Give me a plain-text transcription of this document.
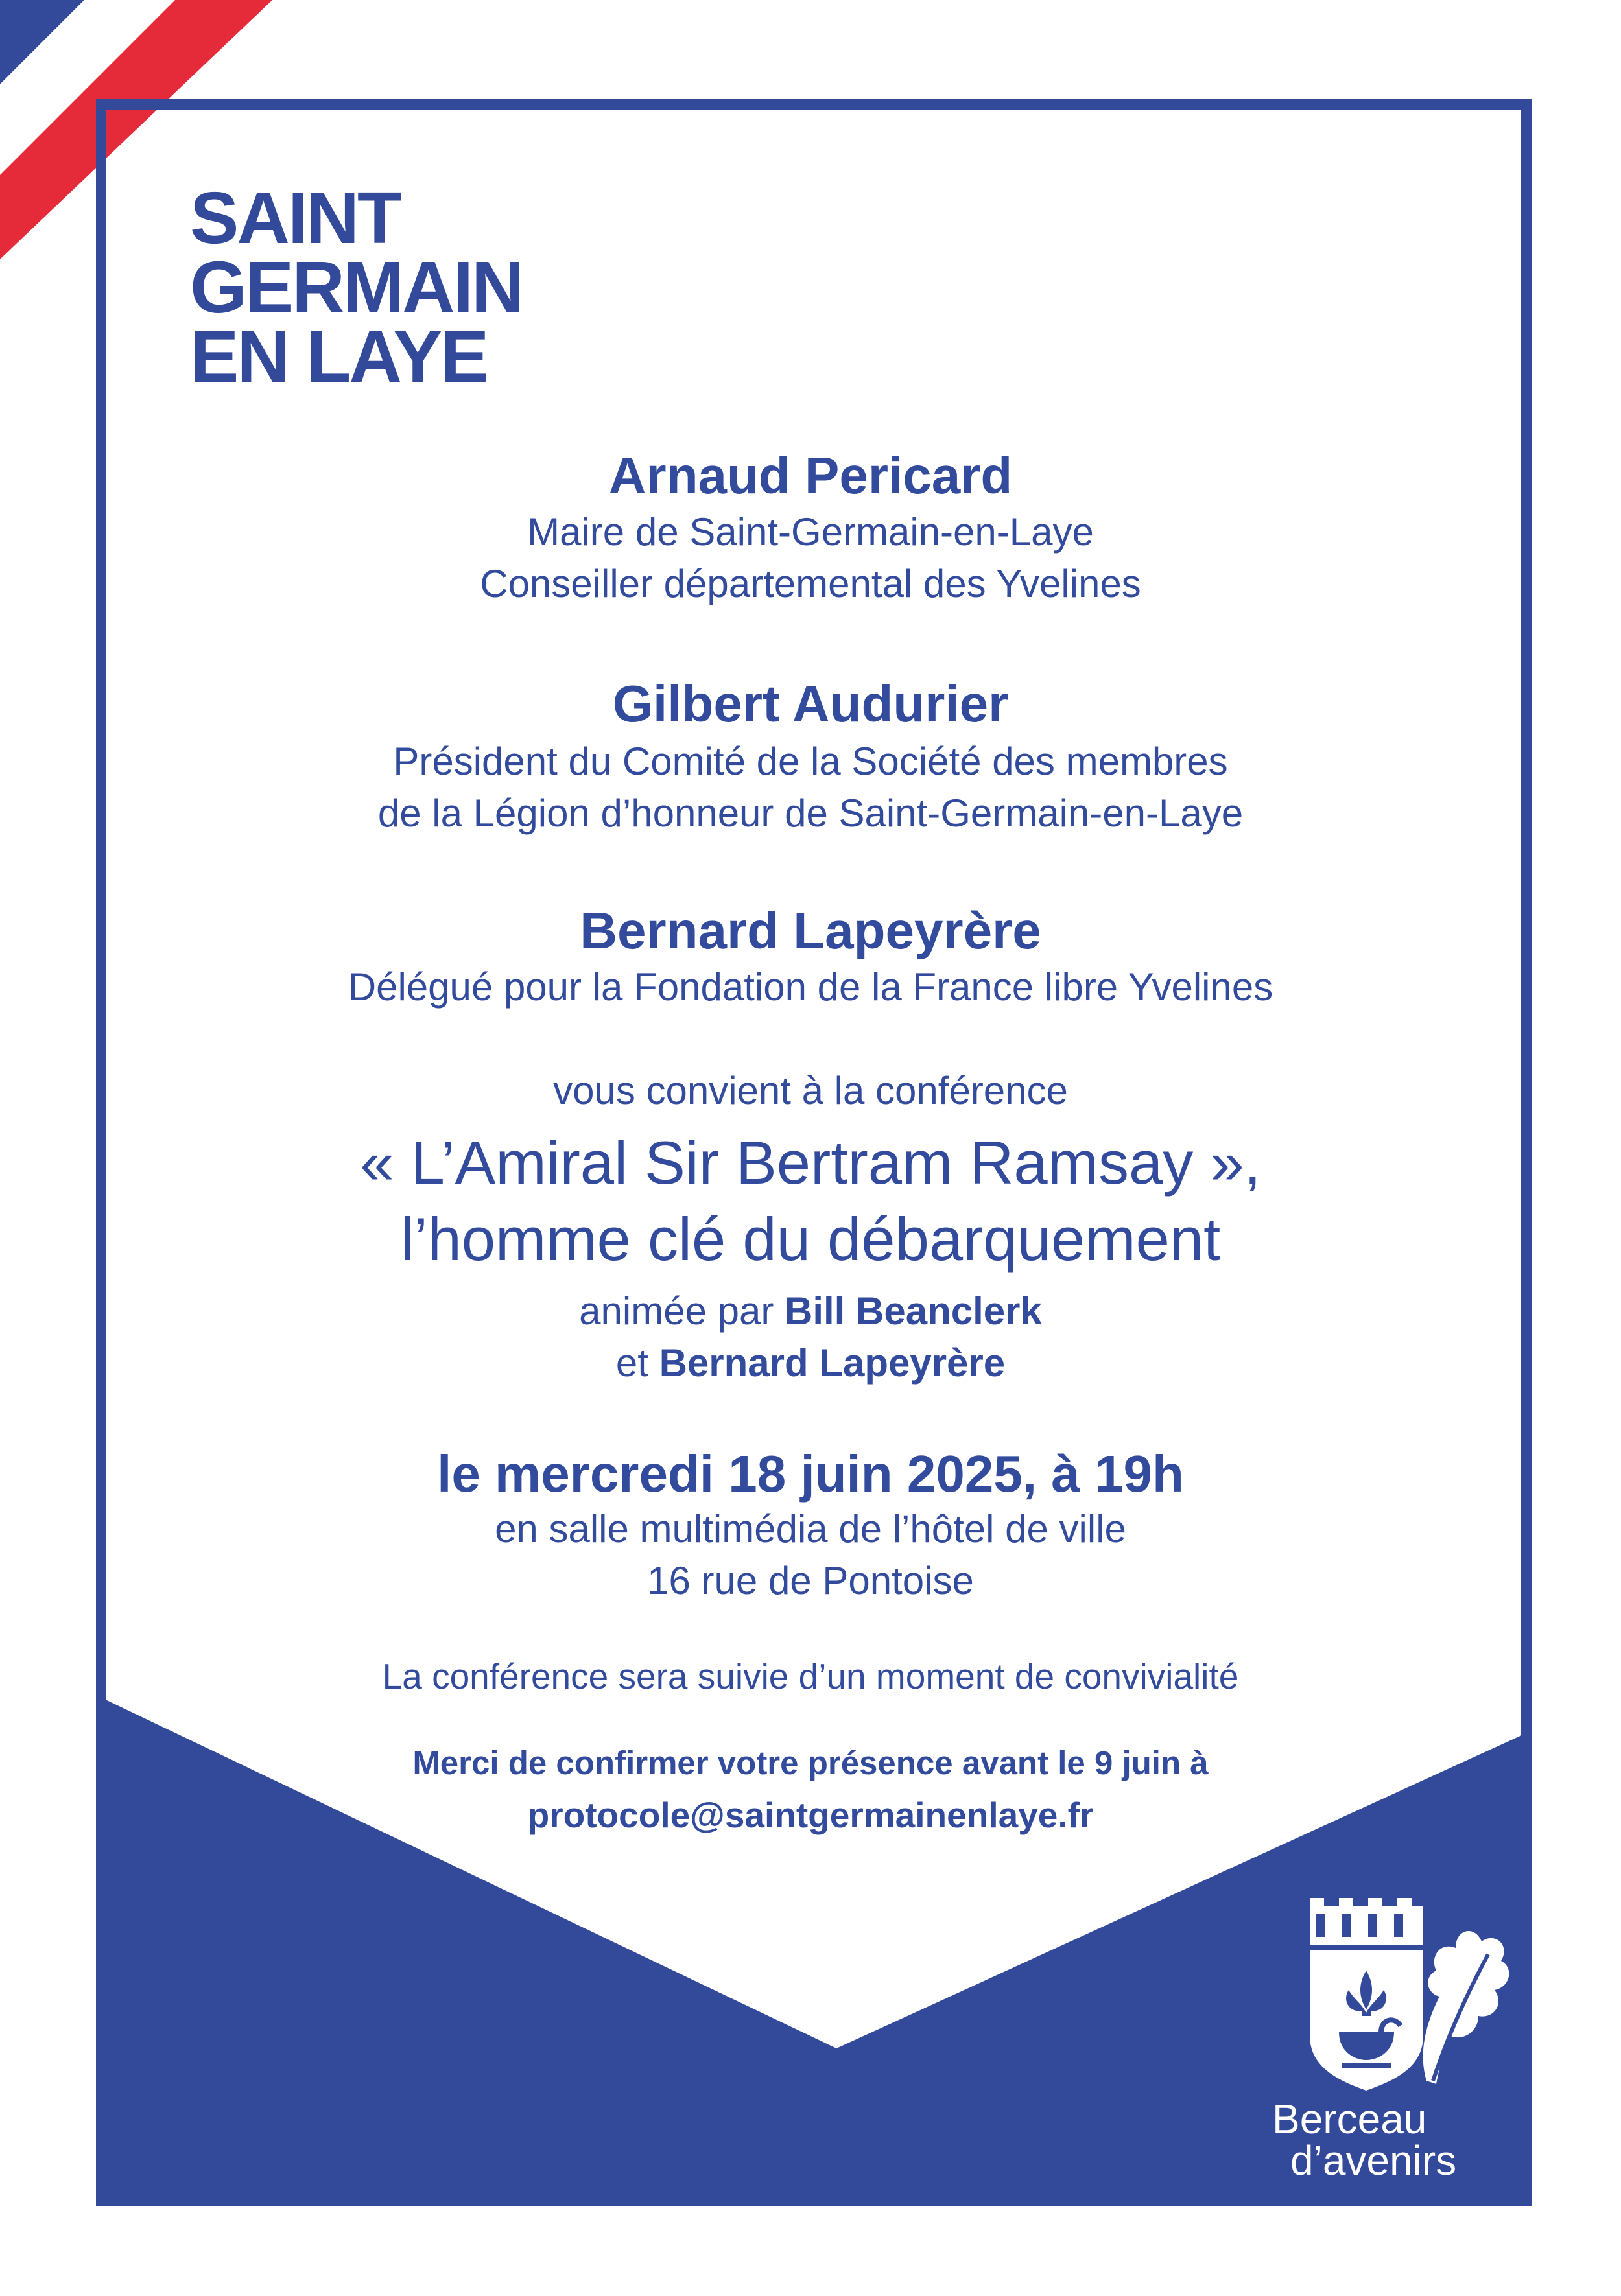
SAINT
GERMAIN
EN LAYE
Arnaud Pericard
Maire de Saint-Germain-en-Laye
Conseiller départemental des Yvelines
Gilbert Audurier
Président du Comité de la Société des membres
de la Légion d’honneur de Saint-Germain-en-Laye
Bernard Lapeyrère
Délégué pour la Fondation de la France libre Yvelines
vous convient à la conférence
« L’Amiral Sir Bertram Ramsay »,
l’homme clé du débarquement
animée par Bill Beanclerk
et Bernard Lapeyrère
le mercredi 18 juin 2025, à 19h
en salle multimédia de l’hôtel de ville
16 rue de Pontoise
La conférence sera suivie d’un moment de convivialité
Merci de confirmer votre présence avant le 9 juin à
protocole@saintgermainenlaye.fr
Berceau
d’avenirs
